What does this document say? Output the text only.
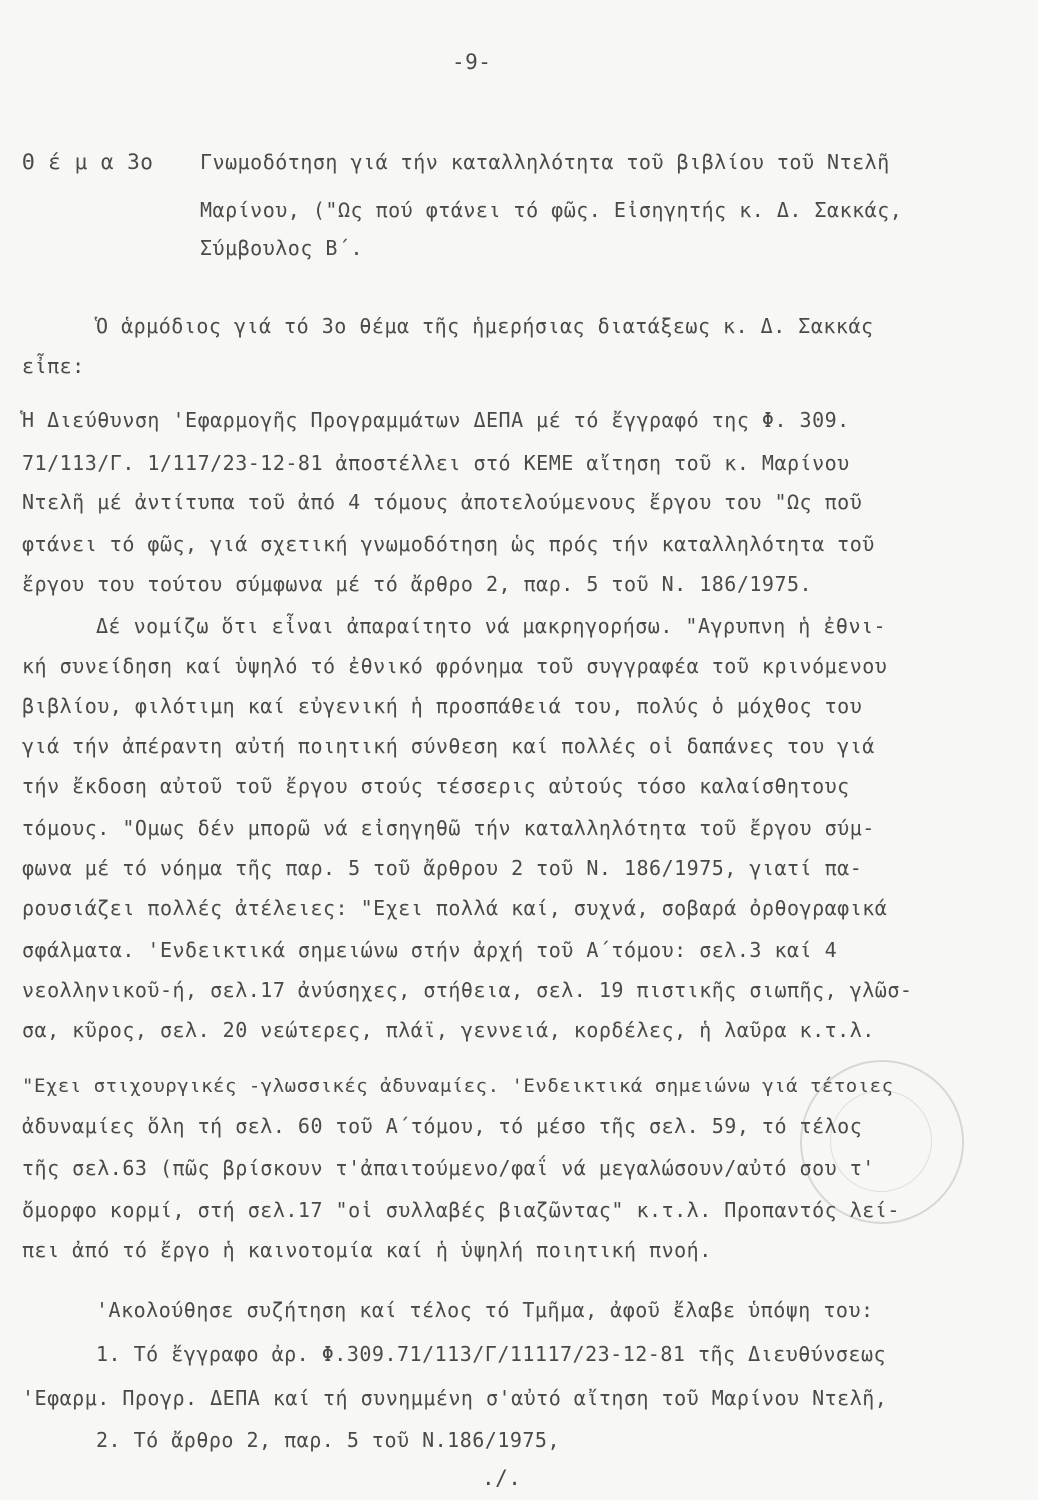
-9-
Θ έ μ α 3ο Γνωμοδότηση γιά τήν καταλληλότητα τοῦ βιβλίου τοῦ Ντελῆ
Μαρίνου, ("Ως πού φτάνει τό φῶς. Εἰσηγητής κ. Δ. Σακκάς,
Σύμβουλος Β΄.
Ὁ ἁρμόδιος γιά τό 3ο θέμα τῆς ἡμερήσιας διατάξεως κ. Δ. Σακκάς
εἶπε:
Ἡ Διεύθυνση 'Εφαρμογῆς Προγραμμάτων ΔΕΠΑ μέ τό ἔγγραφό της Φ. 309.
71/113/Γ. 1/117/23-12-81 ἀποστέλλει στό ΚΕΜΕ αἴτηση τοῦ κ. Μαρίνου
Ντελῆ μέ ἀντίτυπα τοῦ ἀπό 4 τόμους ἀποτελούμενους ἔργου του "Ως ποῦ
φτάνει τό φῶς, γιά σχετική γνωμοδότηση ὡς πρός τήν καταλληλότητα τοῦ
ἔργου του τούτου σύμφωνα μέ τό ἄρθρο 2, παρ. 5 τοῦ Ν. 186/1975.
Δέ νομίζω ὅτι εἶναι ἀπαραίτητο νά μακρηγορήσω. "Αγρυπνη ἡ ἐθνι-
κή συνείδηση καί ὑψηλό τό ἐθνικό φρόνημα τοῦ συγγραφέα τοῦ κρινόμενου
βιβλίου, φιλότιμη καί εὐγενική ἡ προσπάθειά του, πολύς ὁ μόχθος του
γιά τήν ἀπέραντη αὐτή ποιητική σύνθεση καί πολλές οἱ δαπάνες του γιά
τήν ἔκδοση αὐτοῦ τοῦ ἔργου στούς τέσσερις αὐτούς τόσο καλαίσθητους
τόμους. "Ομως δέν μπορῶ νά εἰσηγηθῶ τήν καταλληλότητα τοῦ ἔργου σύμ-
φωνα μέ τό νόημα τῆς παρ. 5 τοῦ ἄρθρου 2 τοῦ Ν. 186/1975, γιατί πα-
ρουσιάζει πολλές ἀτέλειες: "Εχει πολλά καί, συχνά, σοβαρά ὀρθογραφικά
σφάλματα. 'Ενδεικτικά σημειώνω στήν ἀρχή τοῦ Α΄τόμου: σελ.3 καί 4
νεολληνικοῦ-ή, σελ.17 ἀνύσηχες, στήθεια, σελ. 19 πιστικῆς σιωπῆς, γλῶσ-
σα, κῦρος, σελ. 20 νεώτερες, πλάϊ, γεννειά, κορδέλες, ἡ λαῦρα κ.τ.λ.
"Εχει στιχουργικές -γλωσσικές ἀδυναμίες. 'Ενδεικτικά σημειώνω γιά τέτοιες
ἀδυναμίες ὅλη τή σελ. 60 τοῦ Α΄τόμου, τό μέσο τῆς σελ. 59, τό τέλος
τῆς σελ.63 (πῶς βρίσκουν τ'ἀπαιτούμενο/φαΐ νά μεγαλώσουν/αὐτό σου τ'
ὄμορφο κορμί, στή σελ.17 "οἱ συλλαβές βιαζῶντας" κ.τ.λ. Προπαντός λεί-
πει ἀπό τό ἔργο ἡ καινοτομία καί ἡ ὑψηλή ποιητική πνοή.
'Ακολούθησε συζήτηση καί τέλος τό Τμῆμα, ἀφοῦ ἔλαβε ὑπόψη του:
1. Τό ἔγγραφο ἀρ. Φ.309.71/113/Γ/11117/23-12-81 τῆς Διευθύνσεως
'Εφαρμ. Προγρ. ΔΕΠΑ καί τή συνημμένη σ'αὐτό αἴτηση τοῦ Μαρίνου Ντελῆ,
2. Τό ἄρθρο 2, παρ. 5 τοῦ Ν.186/1975,
./.
